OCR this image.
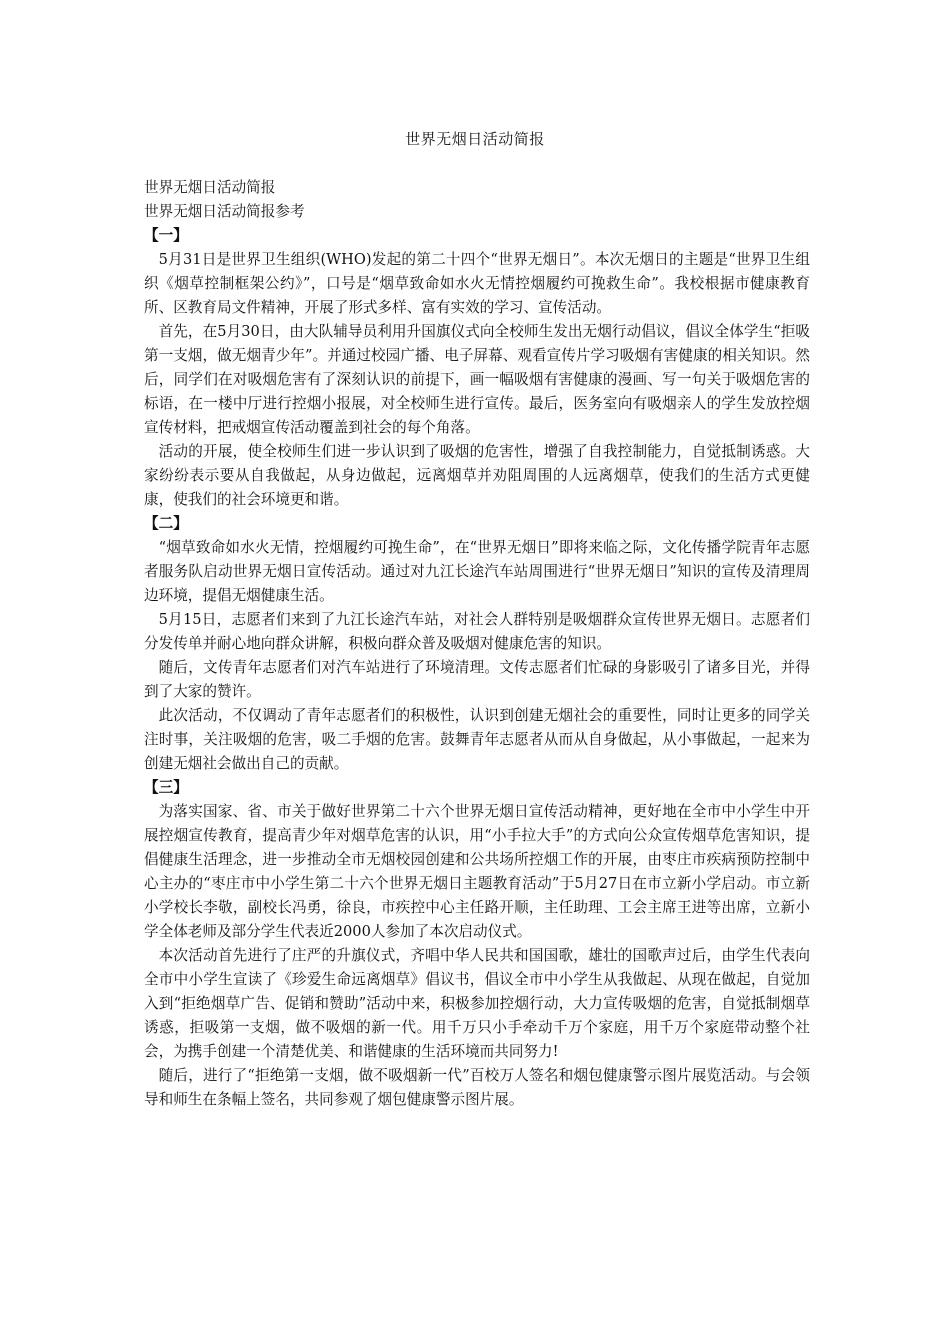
世界无烟日活动简报

世界无烟日活动简报

世界无烟日活动简报参考

【一】

5月31日是世界卫生组织(WHO)发起的第二十四个“世界无烟日”。本次无烟日的主题是“世界卫生组织《烟草控制框架公约》”，口号是“烟草致命如水火无情控烟履约可挽救生命”。我校根据市健康教育所、区教育局文件精神，开展了形式多样、富有实效的学习、宣传活动。

首先，在5月30日，由大队辅导员利用升国旗仪式向全校师生发出无烟行动倡议，倡议全体学生“拒吸第一支烟，做无烟青少年”。并通过校园广播、电子屏幕、观看宣传片学习吸烟有害健康的相关知识。然后，同学们在对吸烟危害有了深刻认识的前提下，画一幅吸烟有害健康的漫画、写一句关于吸烟危害的标语，在一楼中厅进行控烟小报展，对全校师生进行宣传。最后，医务室向有吸烟亲人的学生发放控烟宣传材料，把戒烟宣传活动覆盖到社会的每个角落。

活动的开展，使全校师生们进一步认识到了吸烟的危害性，增强了自我控制能力，自觉抵制诱惑。大家纷纷表示要从自我做起，从身边做起，远离烟草并劝阻周围的人远离烟草，使我们的生活方式更健康，使我们的社会环境更和谐。

【二】

“烟草致命如水火无情，控烟履约可挽生命”，在“世界无烟日”即将来临之际，文化传播学院青年志愿者服务队启动世界无烟日宣传活动。通过对九江长途汽车站周围进行“世界无烟日”知识的宣传及清理周边环境，提倡无烟健康生活。

5月15日，志愿者们来到了九江长途汽车站，对社会人群特别是吸烟群众宣传世界无烟日。志愿者们分发传单并耐心地向群众讲解，积极向群众普及吸烟对健康危害的知识。

随后，文传青年志愿者们对汽车站进行了环境清理。文传志愿者们忙碌的身影吸引了诸多目光，并得到了大家的赞许。

此次活动，不仅调动了青年志愿者们的积极性，认识到创建无烟社会的重要性，同时让更多的同学关注时事，关注吸烟的危害，吸二手烟的危害。鼓舞青年志愿者从而从自身做起，从小事做起，一起来为创建无烟社会做出自己的贡献。

【三】

为落实国家、省、市关于做好世界第二十六个世界无烟日宣传活动精神，更好地在全市中小学生中开展控烟宣传教育，提高青少年对烟草危害的认识，用“小手拉大手”的方式向公众宣传烟草危害知识，提倡健康生活理念，进一步推动全市无烟校园创建和公共场所控烟工作的开展，由枣庄市疾病预防控制中心主办的“枣庄市中小学生第二十六个世界无烟日主题教育活动”于5月27日在市立新小学启动。市立新小学校长李敬，副校长冯勇，徐良，市疾控中心主任路开顺，主任助理、工会主席王进等出席，立新小学全体老师及部分学生代表近2000人参加了本次启动仪式。

本次活动首先进行了庄严的升旗仪式，齐唱中华人民共和国国歌，雄壮的国歌声过后，由学生代表向全市中小学生宣读了《珍爱生命远离烟草》倡议书，倡议全市中小学生从我做起、从现在做起，自觉加入到“拒绝烟草广告、促销和赞助”活动中来，积极参加控烟行动，大力宣传吸烟的危害，自觉抵制烟草诱惑，拒吸第一支烟，做不吸烟的新一代。用千万只小手牵动千万个家庭，用千万个家庭带动整个社会，为携手创建一个清楚优美、和谐健康的生活环境而共同努力!

随后，进行了“拒绝第一支烟，做不吸烟新一代”百校万人签名和烟包健康警示图片展览活动。与会领导和师生在条幅上签名，共同参观了烟包健康警示图片展。
